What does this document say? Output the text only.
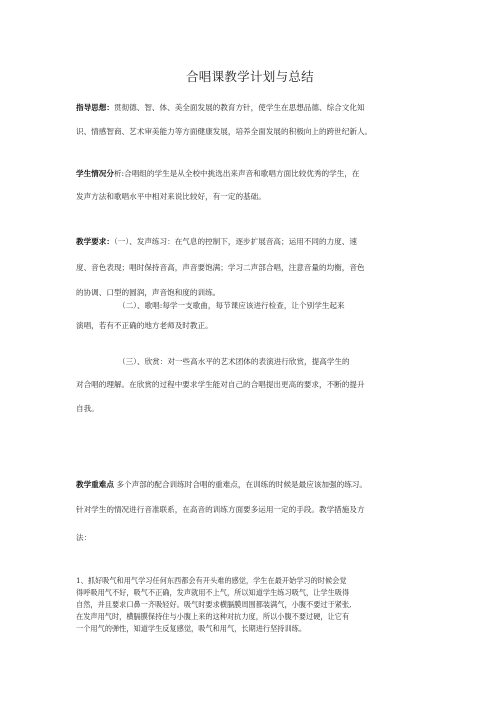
合唱课教学计划与总结
指导思想：贯彻德、智、体、美全面发展的教育方针，使学生在思想品德、综合文化知
识、情感智商、艺术审美能力等方面健康发展，培养全面发展的积极向上的跨世纪新人。
学生情况分析:合唱组的学生是从全校中挑选出来声音和歌唱方面比较优秀的学生，在
发声方法和歌唱水平中相对来说比较好，有一定的基础。
教学要求：（一）、发声练习：在气息的控制下，逐步扩展音高；运用不同的力度、速
度、音色表现；唱时保持音高，声音要饱满；学习二声部合唱，注意音量的均衡，音色
的协调、口型的圆润，声音饱和度的训练。
（二）、歌唱:每学一支歌曲，每节课应该进行检查，让个别学生起来
演唱，若有不正确的地方老师及时教正。
（三）、欣赏：对一些高水平的艺术团体的表演进行欣赏，提高学生的
对合唱的理解。在欣赏的过程中要求学生能对自己的合唱提出更高的要求，不断的提升
自我。
教学重难点 多个声部的配合训练时合唱的重难点，在训练的时候是最应该加强的练习。
针对学生的情况进行音准联系，在高音的训练方面要多运用一定的手段。教学措施及方
法：
1、抓好吸气和用气学习任何东西都会有开头难的感觉，学生在最开始学习的时候会觉
得呼吸用气不好，吸气不正确，发声就用不上气，所以知道学生练习吸气，让学生吸得
自然，并且要求口鼻一齐吸轻好。吸气时要求横膈膜周围都装满气，小腹不要过于紧张,
在发声用气时，横膈膜保持住与小腹上来的这种对抗力度，所以小腹不要过硬，让它有
一个用气的弹性，知道学生反复感觉，吸气和用气，长期进行坚持训练。
